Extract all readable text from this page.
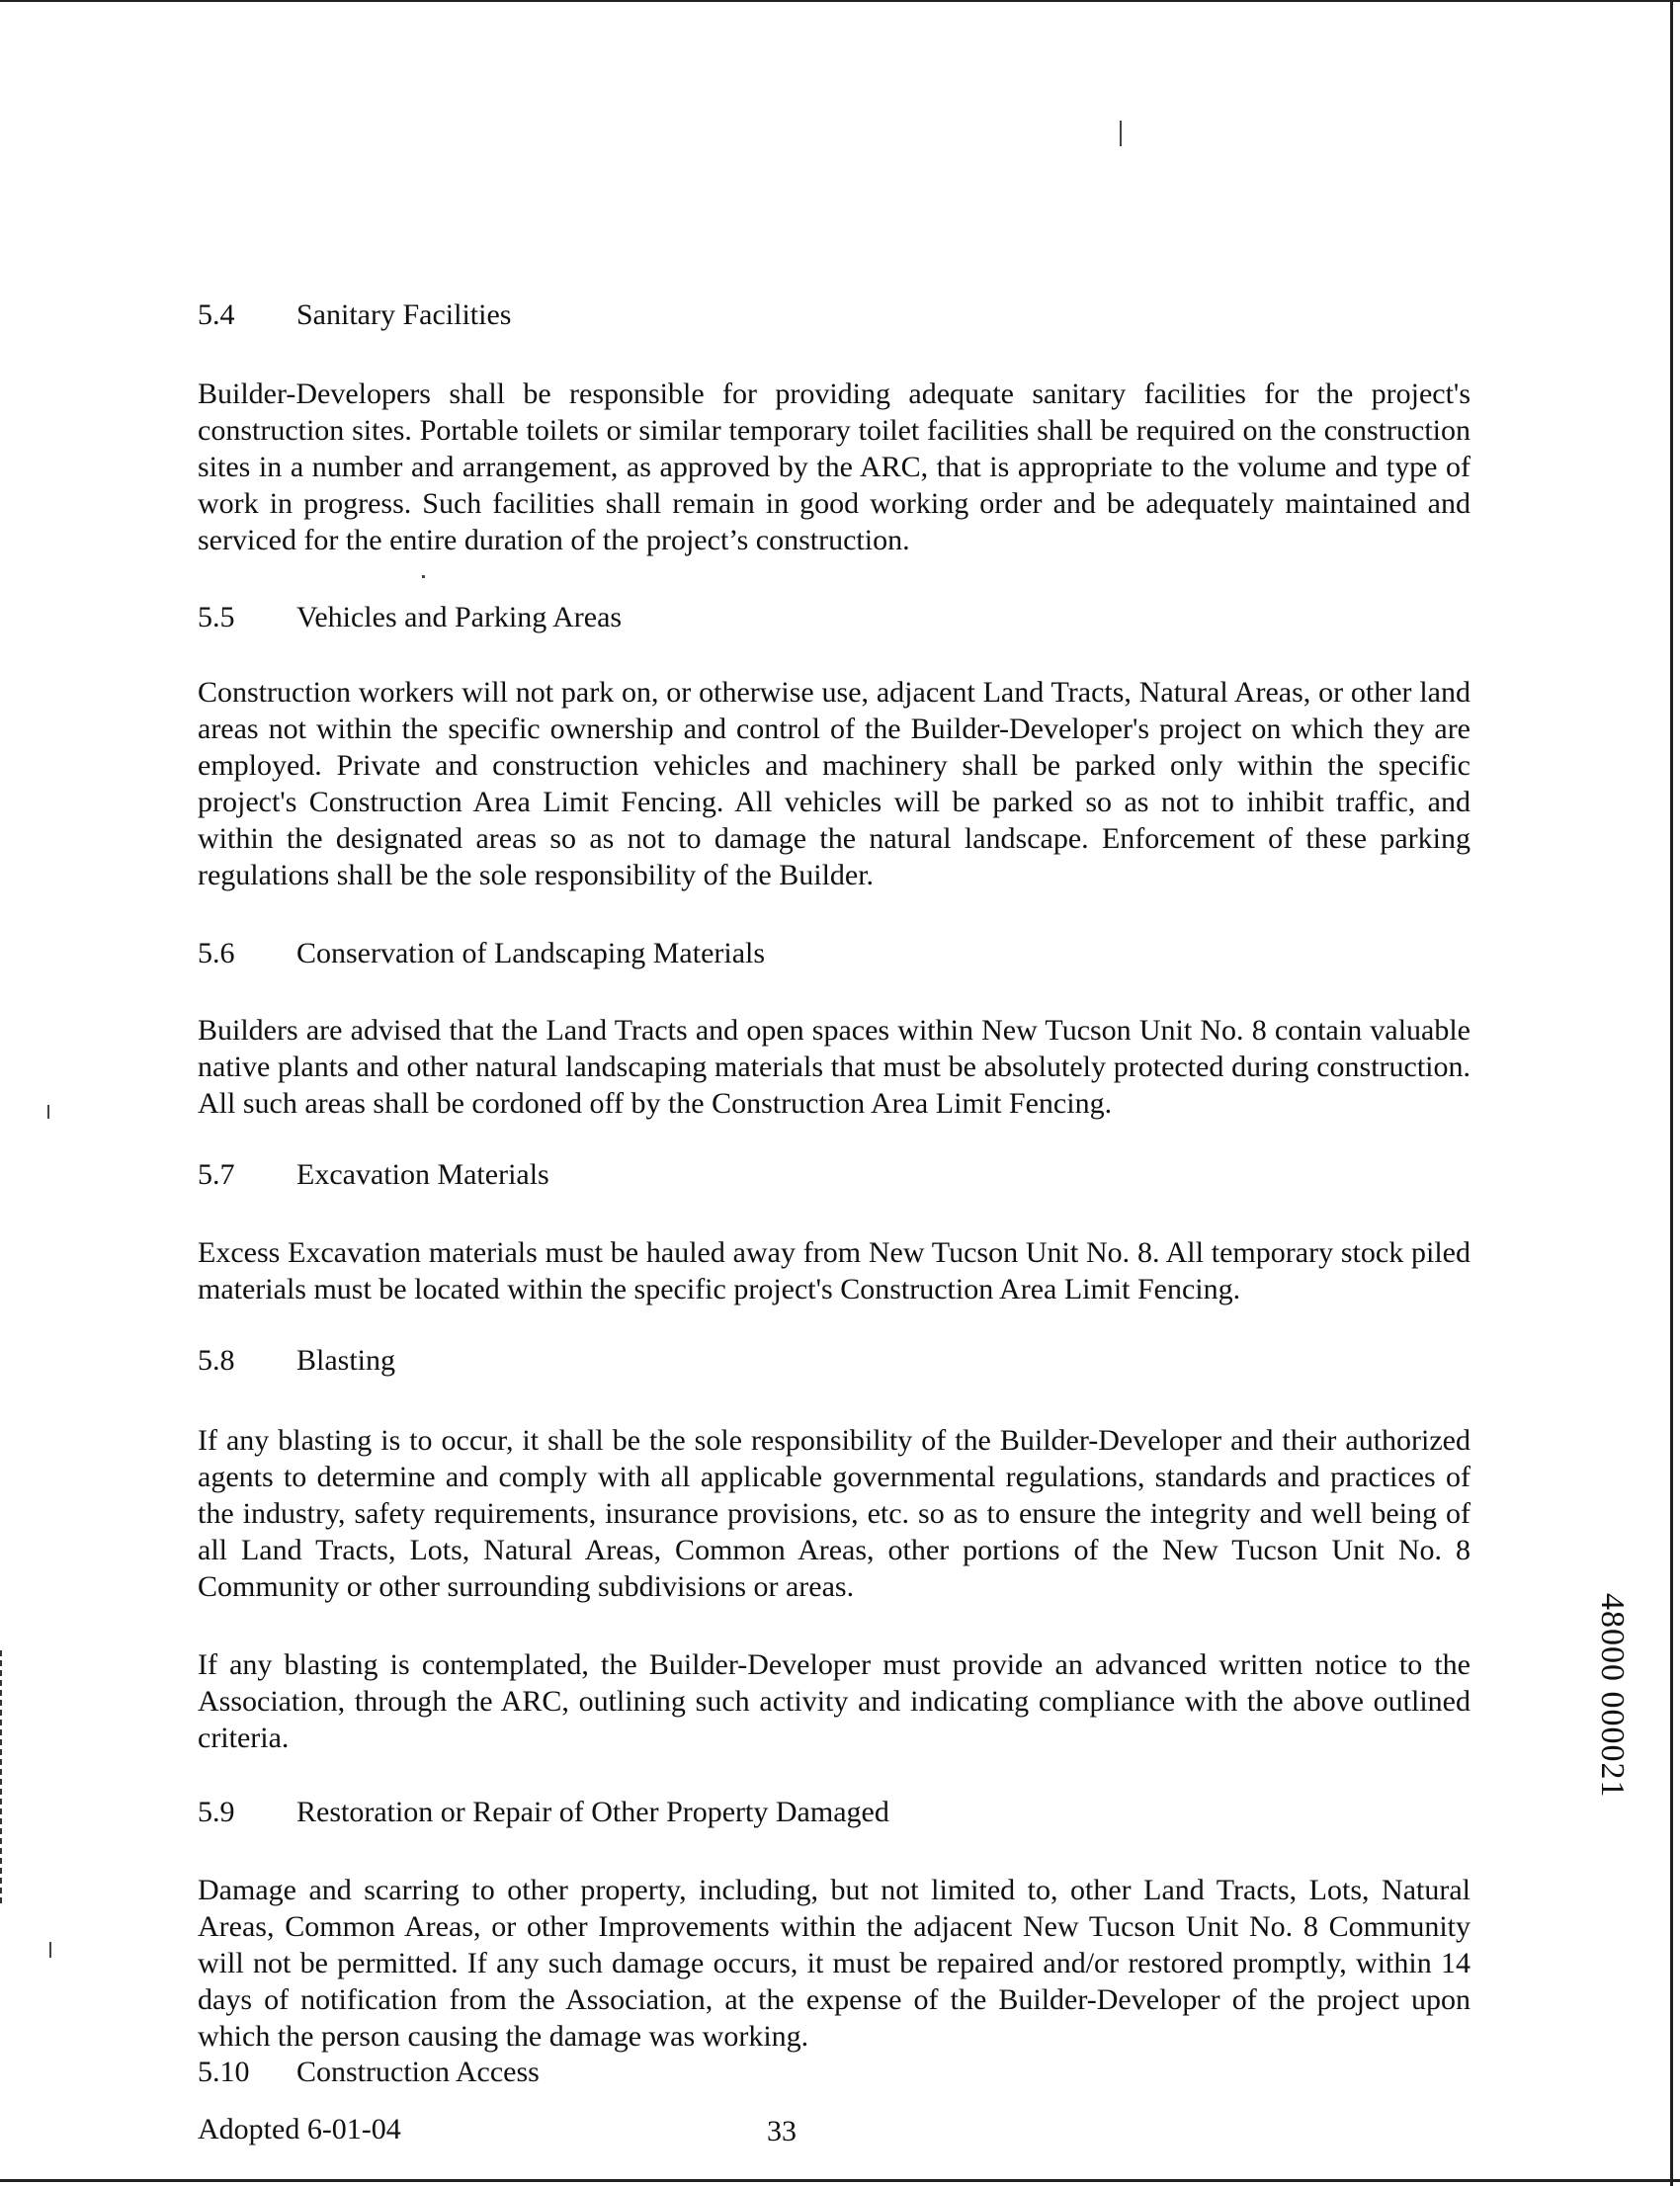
5.4 Sanitary Facilities
Builder-Developers shall be responsible for providing adequate sanitary facilities for the project's construction sites. Portable toilets or similar temporary toilet facilities shall be required on the construction sites in a number and arrangement, as approved by the ARC, that is appropriate to the volume and type of work in progress. Such facilities shall remain in good working order and be adequately maintained and serviced for the entire duration of the project’s construction.
5.5 Vehicles and Parking Areas
Construction workers will not park on, or otherwise use, adjacent Land Tracts, Natural Areas, or other land areas not within the specific ownership and control of the Builder-Developer's project on which they are employed. Private and construction vehicles and machinery shall be parked only within the specific project's Construction Area Limit Fencing. All vehicles will be parked so as not to inhibit traffic, and within the designated areas so as not to damage the natural landscape. Enforcement of these parking regulations shall be the sole responsibility of the Builder.
5.6 Conservation of Landscaping Materials
Builders are advised that the Land Tracts and open spaces within New Tucson Unit No. 8 contain valuable native plants and other natural landscaping materials that must be absolutely protected during construction. All such areas shall be cordoned off by the Construction Area Limit Fencing.
5.7 Excavation Materials
Excess Excavation materials must be hauled away from New Tucson Unit No. 8. All temporary stock piled materials must be located within the specific project's Construction Area Limit Fencing.
5.8 Blasting
If any blasting is to occur, it shall be the sole responsibility of the Builder-Developer and their authorized agents to determine and comply with all applicable governmental regulations, standards and practices of the industry, safety requirements, insurance provisions, etc. so as to ensure the integrity and well being of all Land Tracts, Lots, Natural Areas, Common Areas, other portions of the New Tucson Unit No. 8 Community or other surrounding subdivisions or areas.
If any blasting is contemplated, the Builder-Developer must provide an advanced written notice to the Association, through the ARC, outlining such activity and indicating compliance with the above outlined criteria.
5.9 Restoration or Repair of Other Property Damaged
Damage and scarring to other property, including, but not limited to, other Land Tracts, Lots, Natural Areas, Common Areas, or other Improvements within the adjacent New Tucson Unit No. 8 Community will not be permitted. If any such damage occurs, it must be repaired and/or restored promptly, within 14 days of notification from the Association, at the expense of the Builder-Developer of the project upon which the person causing the damage was working.
5.10 Construction Access
Adopted 6-01-04	33
48000 000021
